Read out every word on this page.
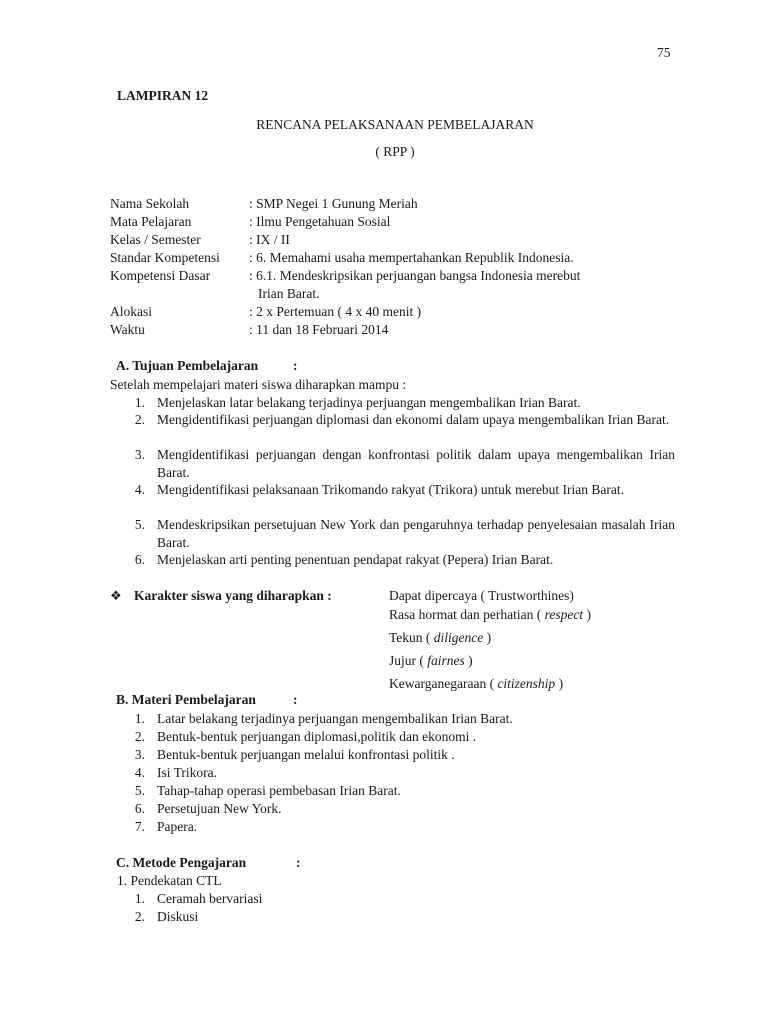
75
LAMPIRAN 12
RENCANA PELAKSANAAN PEMBELAJARAN
( RPP )
Nama Sekolah	: SMP Negei 1 Gunung Meriah
Mata Pelajaran	: Ilmu Pengetahuan Sosial
Kelas / Semester	: IX / II
Standar Kompetensi : 6. Memahami usaha mempertahankan Republik Indonesia.
Kompetensi Dasar	: 6.1. Mendeskripsikan perjuangan bangsa Indonesia merebut
Irian Barat.
Alokasi	: 2 x Pertemuan ( 4 x 40 menit )
Waktu	: 11 dan 18 Februari 2014
A. Tujuan Pembelajaran	:
Setelah mempelajari materi siswa diharapkan mampu :
1. Menjelaskan latar belakang terjadinya perjuangan mengembalikan Irian Barat.
2. Mengidentifikasi perjuangan diplomasi dan ekonomi dalam upaya mengembalikan Irian Barat.
3. Mengidentifikasi perjuangan dengan konfrontasi politik dalam upaya mengembalikan Irian Barat.
4. Mengidentifikasi pelaksanaan Trikomando rakyat (Trikora) untuk merebut Irian Barat.
5. Mendeskripsikan persetujuan New York dan pengaruhnya terhadap penyelesaian masalah Irian Barat.
6. Menjelaskan arti penting penentuan pendapat rakyat (Pepera) Irian Barat.
❖ Karakter siswa yang diharapkan :	Dapat dipercaya ( Trustworthines)
Rasa hormat dan perhatian ( respect )
Tekun ( diligence )
Jujur ( fairnes )
Kewarganegaraan ( citizenship )
B. Materi Pembelajaran	:
1. Latar belakang terjadinya perjuangan mengembalikan Irian Barat.
2. Bentuk-bentuk perjuangan diplomasi,politik dan ekonomi .
3. Bentuk-bentuk perjuangan melalui konfrontasi politik .
4. Isi Trikora.
5. Tahap-tahap operasi pembebasan Irian Barat.
6. Persetujuan New York.
7. Papera.
C. Metode Pengajaran	:
1. Pendekatan CTL
1. Ceramah bervariasi
2. Diskusi
